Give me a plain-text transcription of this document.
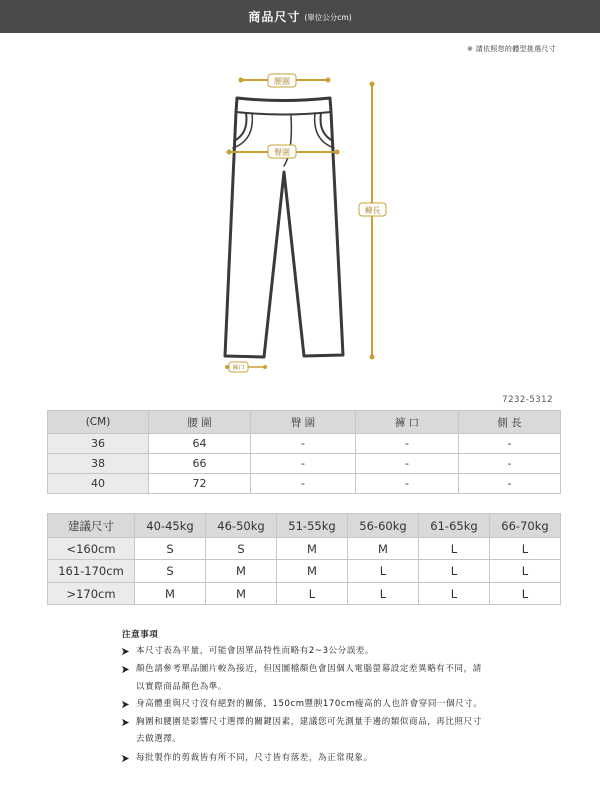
商品尺寸 (單位公分cm)
※ 請依照您的體型挑選尺寸
腰圍
臀圍
褲長
褲口
7232-5312
(CM)	腰 圍	臀 圍	褲 口	側 長
36	64	-	-	-
38	66	-	-	-
40	72	-	-	-
建議尺寸	40-45kg	46-50kg	51-55kg	56-60kg	61-65kg	66-70kg
<160cm	S	S	M	M	L	L
161-170cm	S	M	M	L	L	L
>170cm	M	M	L	L	L	L
注意事項
本尺寸表為平量，可能會因單品特性而略有2~3公分誤差。
顏色請參考單品圖片較為接近，但因圖檔顏色會因個人電腦螢幕設定差異略有不同，請
以實際商品顏色為準。
身高體重與尺寸沒有絕對的關係，150cm豐腴170cm瘦高的人也許會穿同一個尺寸。
胸圍和腰圍是影響尺寸選擇的關鍵因素，建議您可先測量手邊的類似商品，再比照尺寸
去做選擇。
每批製作的剪裁皆有所不同，尺寸皆有落差，為正常現象。
